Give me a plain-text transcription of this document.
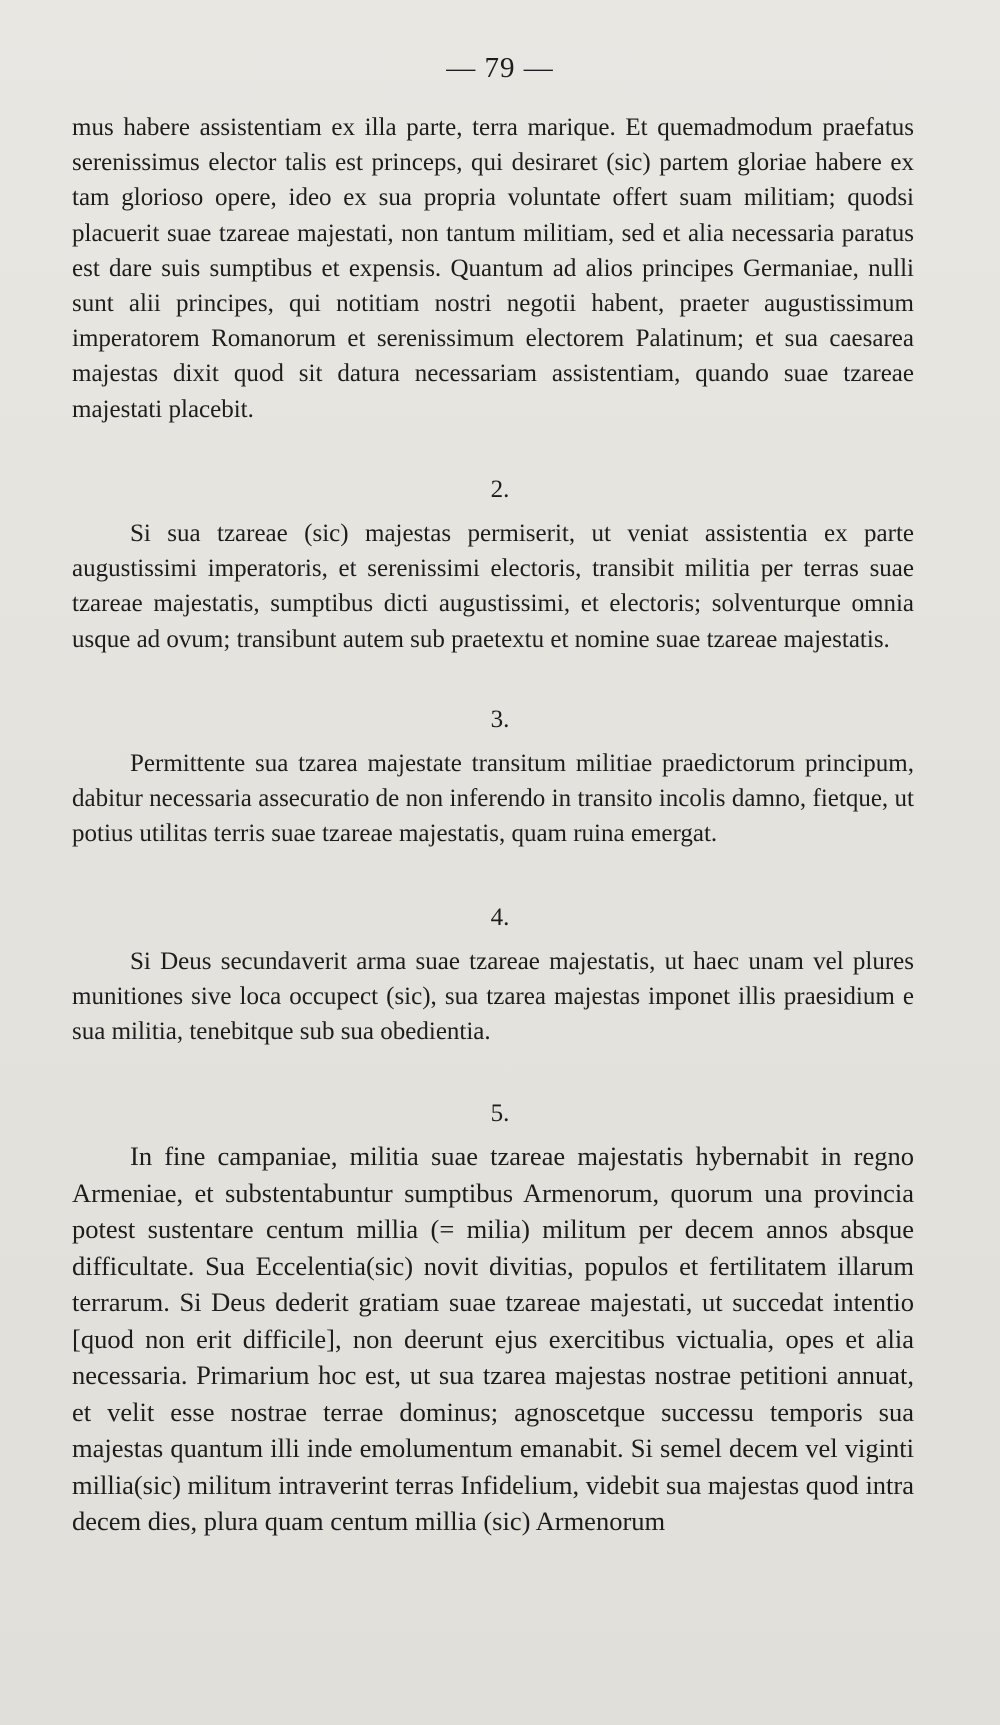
— 79 —

mus habere assistentiam ex illa parte, terra marique. Et quemadmodum praefatus serenissimus elector talis est princeps, qui desiraret (sic) partem gloriae habere ex tam glorioso opere, ideo ex sua propria voluntate offert suam militiam; quodsi placuerit suae tzareae majestati, non tantum militiam, sed et alia necessaria paratus est dare suis sumptibus et expensis. Quantum ad alios principes Germaniae, nulli sunt alii principes, qui notitiam nostri negotii habent, praeter augustissimum imperatorem Romanorum et serenissimum electorem Palatinum; et sua caesarea majestas dixit quod sit datura necessariam assistentiam, quando suae tzareae majestati placebit.

2.

Si sua tzareae (sic) majestas permiserit, ut veniat assistentia ex parte augustissimi imperatoris, et serenissimi electoris, transibit militia per terras suae tzareae majestatis, sumptibus dicti augustissimi, et electoris; solventurque omnia usque ad ovum; transibunt autem sub praetextu et nomine suae tzareae majestatis.

3.

Permittente sua tzarea majestate transitum militiae praedictorum principum, dabitur necessaria assecuratio de non inferendo in transito incolis damno, fietque, ut potius utilitas terris suae tzareae majestatis, quam ruina emergat.

4.

Si Deus secundaverit arma suae tzareae majestatis, ut haec unam vel plures munitiones sive loca occupect (sic), sua tzarea majestas imponet illis praesidium e sua militia, tenebitque sub sua obedientia.

5.

In fine campaniae, militia suae tzareae majestatis hybernabit in regno Armeniae, et substentabuntur sumptibus Armenorum, quorum una provincia potest sustentare centum millia (= milia) militum per decem annos absque difficultate. Sua Eccelentia(sic) novit divitias, populos et fertilitatem illarum terrarum. Si Deus dederit gratiam suae tzareae majestati, ut succedat intentio [quod non erit difficile], non deerunt ejus exercitibus victualia, opes et alia necessaria. Primarium hoc est, ut sua tzarea majestas nostrae petitioni annuat, et velit esse nostrae terrae dominus; agnoscetque successu temporis sua majestas quantum illi inde emolumentum emanabit. Si semel decem vel viginti millia(sic) militum intraverint terras Infidelium, videbit sua majestas quod intra decem dies, plura quam centum millia (sic) Armenorum
